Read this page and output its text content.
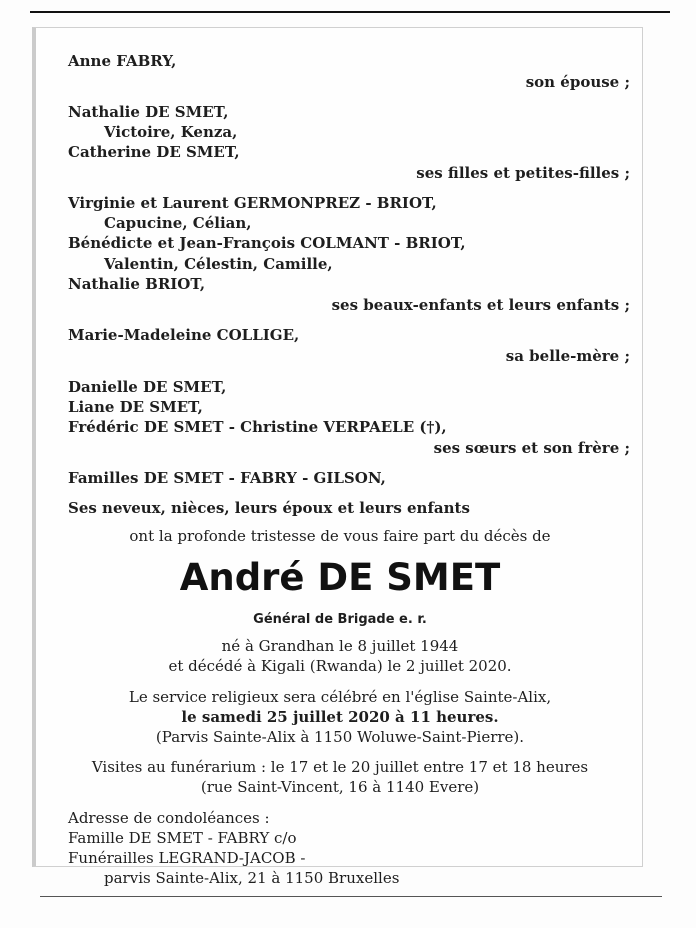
Anne FABRY,
son épouse ;
Nathalie DE SMET,
Victoire, Kenza,
Catherine DE SMET,
ses filles et petites-filles ;
Virginie et Laurent GERMONPREZ - BRIOT,
Capucine, Célian,
Bénédicte et Jean-François COLMANT - BRIOT,
Valentin, Célestin, Camille,
Nathalie BRIOT,
ses beaux-enfants et leurs enfants ;
Marie-Madeleine COLLIGE,
sa belle-mère ;
Danielle DE SMET,
Liane DE SMET,
Frédéric DE SMET - Christine VERPAELE (†),
ses sœurs et son frère ;
Familles DE SMET - FABRY - GILSON,
Ses neveux, nièces, leurs époux et leurs enfants
ont la profonde tristesse de vous faire part du décès de
André DE SMET
Général de Brigade e. r.
né à Grandhan le 8 juillet 1944
et décédé à Kigali (Rwanda) le 2 juillet 2020.
Le service religieux sera célébré en l'église Sainte-Alix,
le samedi 25 juillet 2020 à 11 heures.
(Parvis Sainte-Alix à 1150 Woluwe-Saint-Pierre).
Visites au funérarium : le 17 et le 20 juillet entre 17 et 18 heures
(rue Saint-Vincent, 16 à 1140 Evere)
Adresse de condoléances :
Famille DE SMET - FABRY c/o
Funérailles LEGRAND-JACOB -
parvis Sainte-Alix, 21 à 1150 Bruxelles
